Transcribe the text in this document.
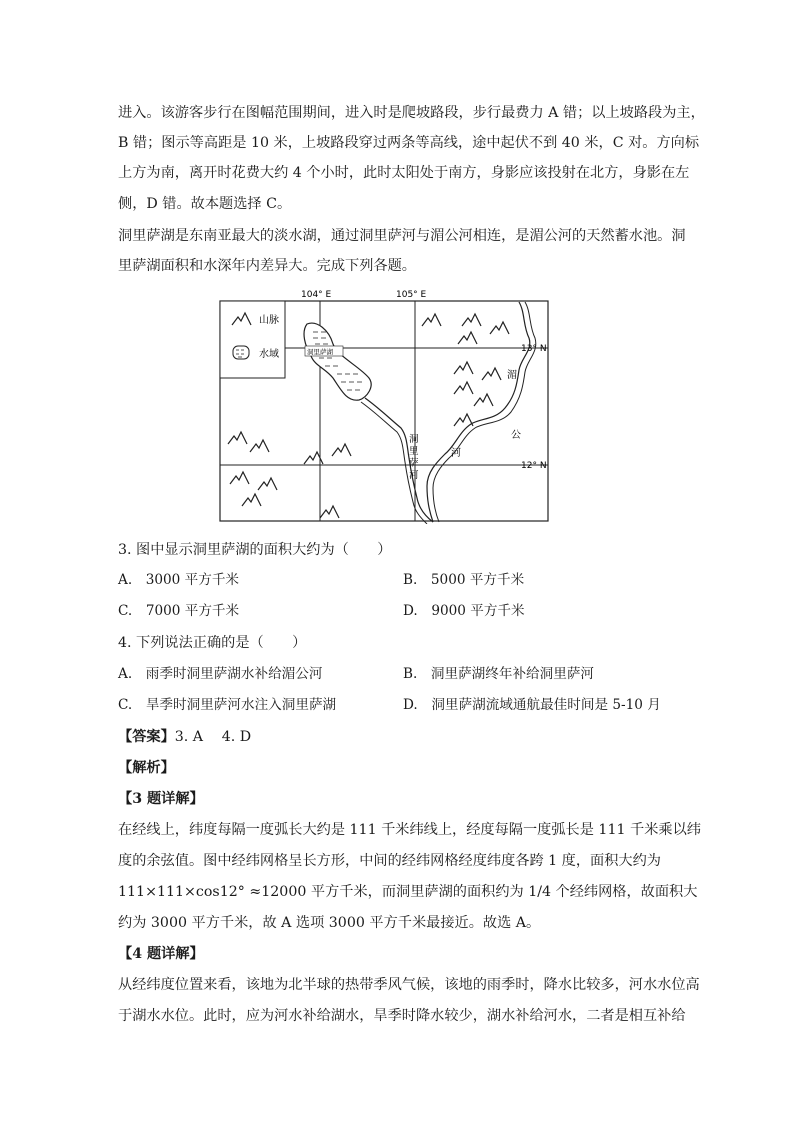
进入。该游客步行在图幅范围期间，进入时是爬坡路段，步行最费力 A 错；以上坡路段为主，
B 错；图示等高距是 10 米，上坡路段穿过两条等高线，途中起伏不到 40 米，C 对。方向标
上方为南，离开时花费大约 4 个小时，此时太阳处于南方，身影应该投射在北方，身影在左
侧，D 错。故本题选择 C。
洞里萨湖是东南亚最大的淡水湖，通过洞里萨河与湄公河相连，是湄公河的天然蓄水池。洞
里萨湖面积和水深年内差异大。完成下列各题。
山脉
水域
104° E	105° E
13° N
12° N
洞里萨湖
洞
里
萨
河
湄
公
河
3. 图中显示洞里萨湖的面积大约为（　　）
A.　3000 平方千米	B.　5000 平方千米
C.　7000 平方千米	D.　9000 平方千米
4. 下列说法正确的是（　　）
A.　雨季时洞里萨湖水补给湄公河	B.　洞里萨湖终年补给洞里萨河
C.　旱季时洞里萨河水注入洞里萨湖	D.　洞里萨湖流域通航最佳时间是 5-10 月
【答案】3. A　 4. D
【解析】
【3 题详解】
在经线上，纬度每隔一度弧长大约是 111 千米纬线上，经度每隔一度弧长是 111 千米乘以纬
度的余弦值。图中经纬网格呈长方形，中间的经纬网格经度纬度各跨 1 度，面积大约为
111×111×cos12° ≈12000 平方千米，而洞里萨湖的面积约为 1/4 个经纬网格，故面积大
约为 3000 平方千米，故 A 选项 3000 平方千米最接近。故选 A。
【4 题详解】
从经纬度位置来看，该地为北半球的热带季风气候，该地的雨季时，降水比较多，河水水位高
于湖水水位。此时，应为河水补给湖水，旱季时降水较少，湖水补给河水，二者是相互补给
